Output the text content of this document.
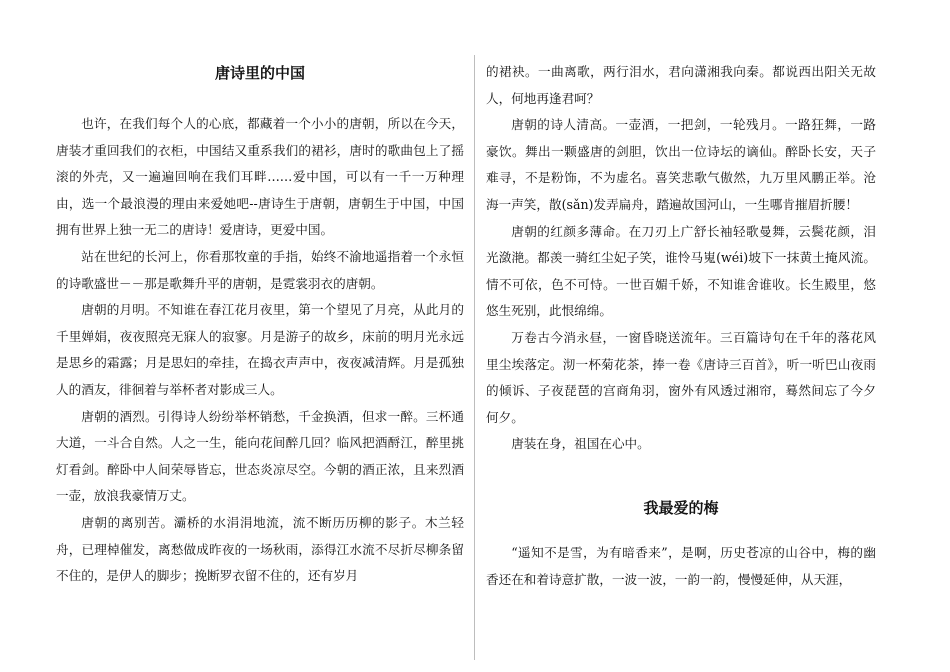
唐诗里的中国

也许，在我们每个人的心底，都藏着一个小小的唐朝，所以在今天，唐装才重回我们的衣柜，中国结又重系我们的裙衫，唐时的歌曲包上了摇滚的外壳，又一遍遍回响在我们耳畔……爱中国，可以有一千一万种理由，选一个最浪漫的理由来爱她吧--唐诗生于唐朝，唐朝生于中国，中国拥有世界上独一无二的唐诗！爱唐诗，更爱中国。

站在世纪的长河上，你看那牧童的手指，始终不渝地遥指着一个永恒的诗歌盛世－－那是歌舞升平的唐朝，是霓裳羽衣的唐朝。

唐朝的月明。不知谁在春江花月夜里，第一个望见了月亮，从此月的千里婵娟，夜夜照亮无寐人的寂寥。月是游子的故乡，床前的明月光永远是思乡的霜露；月是思妇的牵挂，在捣衣声声中，夜夜减清辉。月是孤独人的酒友，徘徊着与举杯者对影成三人。

唐朝的酒烈。引得诗人纷纷举杯销愁，千金换酒，但求一醉。三杯通大道，一斗合自然。人之一生，能向花间醉几回？临风把酒酹江，醉里挑灯看剑。醉卧中人间荣辱皆忘，世态炎凉尽空。今朝的酒正浓，且来烈酒一壶，放浪我豪情万丈。

唐朝的离别苦。灞桥的水涓涓地流，流不断历历柳的影子。木兰轻舟，已理棹催发，离愁做成昨夜的一场秋雨，添得江水流不尽折尽柳条留不住的，是伊人的脚步；挽断罗衣留不住的，还有岁月

的裙袂。一曲离歌，两行泪水，君向潇湘我向秦。都说西出阳关无故人，何地再逢君呵？

唐朝的诗人清高。一壶酒，一把剑，一轮残月。一路狂舞，一路豪饮。舞出一颗盛唐的剑胆，饮出一位诗坛的谪仙。醉卧长安，天子难寻，不是粉饰，不为虚名。喜笑悲歌气傲然，九万里风鹏正举。沧海一声笑，散(sǎn)发弄扁舟，踏遍故国河山，一生哪肯摧眉折腰！

唐朝的红颜多薄命。在刀刃上广舒长袖轻歌曼舞，云鬓花颜，泪光潋滟。都羡一骑红尘妃子笑，谁怜马嵬(wéi)坡下一抹黄土掩风流。情不可依，色不可恃。一世百媚千娇，不知谁舍谁收。长生殿里，悠悠生死别，此恨绵绵。

万卷古今消永昼，一窗昏晓送流年。三百篇诗句在千年的落花风里尘埃落定。沏一杯菊花茶，捧一卷《唐诗三百首》，听一听巴山夜雨的倾诉、子夜琵琶的宫商角羽，窗外有风透过湘帘，蓦然间忘了今夕何夕。

唐装在身，祖国在心中。

我最爱的梅

“遥知不是雪，为有暗香来”，是啊，历史苍凉的山谷中，梅的幽香还在和着诗意扩散，一波一波，一韵一韵，慢慢延伸，从天涯，
